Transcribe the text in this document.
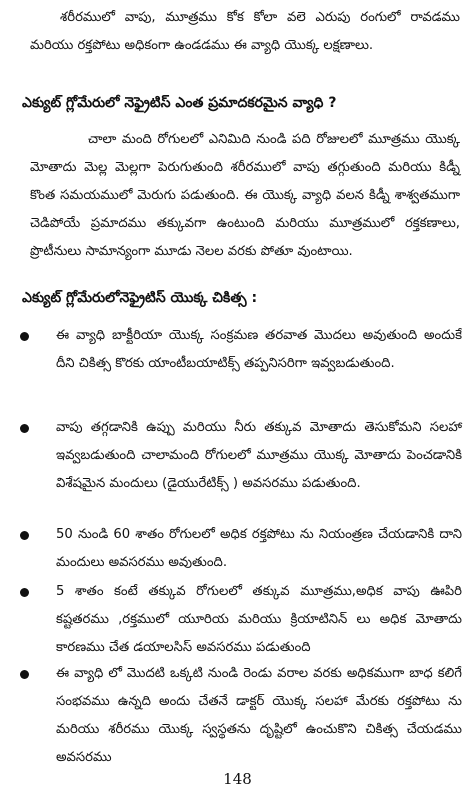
శరీరములో వాపు, మూత్రము కోక కోలా వలె ఎరుపు రంగులో రావడము మరియు రక్తపోటు అధికంగా ఉండడము ఈ వ్యాధి యొక్క లక్షణాలు.
ఎక్యుట్ గ్లోమేరులో నెఫ్రైటిస్ ఎంత ప్రమాదకరమైన వ్యాధి ?
చాలా మంది రోగులలో ఎనిమిది నుండి పది రోజులలో మూత్రము యొక్క మోతాదు మెల్ల మెల్లగా పెరుగుతుంది శరీరములో వాపు తగ్గుతుంది మరియు కిడ్నీ కొంత సమయములో మెరుగు పడుతుంది. ఈ యొక్క వ్యాధి వలన కిడ్నీ శాశ్వతముగా చెడిపోయే ప్రమాదము తక్కువగా ఉంటుంది మరియు మూత్రములో రక్తకణాలు, ప్రొటీనులు సామాన్యంగా మూడు నెలల వరకు పోతూ వుంటాయి.
ఎక్యుట్ గ్లోమేరులోనెఫ్రైటిస్ యొక్క చికిత్స :
ఈ వ్యాధి బాక్టీరియా యొక్క సంక్రమణ తరవాత మొదలు అవుతుంది అందుకే దీని చికిత్స కొరకు యాంటీబయాటిక్స్ తప్పనిసరిగా ఇవ్వబడుతుంది.
వాపు తగ్గడానికి ఉప్పు మరియు నీరు తక్కువ మోతాదు తెసుకోమని సలహా ఇవ్వబడుతుంది చాలామంది రోగులలో మూత్రము యొక్క మోతాదు పెంచడానికి విశేషమైన మందులు (డైయురేటిక్స్ ) అవసరము పడుతుంది.
50 నుండి 60 శాతం రోగులలో అధిక రక్తపోటు ను నియంత్రణ చేయడానికి దాని మందులు అవసరము అవుతుంది.
5 శాతం కంటే తక్కువ రోగులలో తక్కువ మూత్రము,అధిక వాపు ఊపిరి కష్టతరము ,రక్తములో యూరియ మరియు క్రియాటినిన్ లు అధిక మోతాదు కారణము చేత డయాలసిస్ అవసరము పడుతుంది
ఈ వ్యాధి లో మొదటి ఒక్కటి నుండి రెండు వరాల వరకు అధికముగా బాధ కలిగే సంభవము ఉన్నది అందు చేతనే డాక్టర్ యొక్క సలహా మేరకు రక్తపోటు ను మరియు శరీరము యొక్క స్వస్థతను దృష్టిలో ఉంచుకొని చికిత్స చేయడము అవసరము
148
